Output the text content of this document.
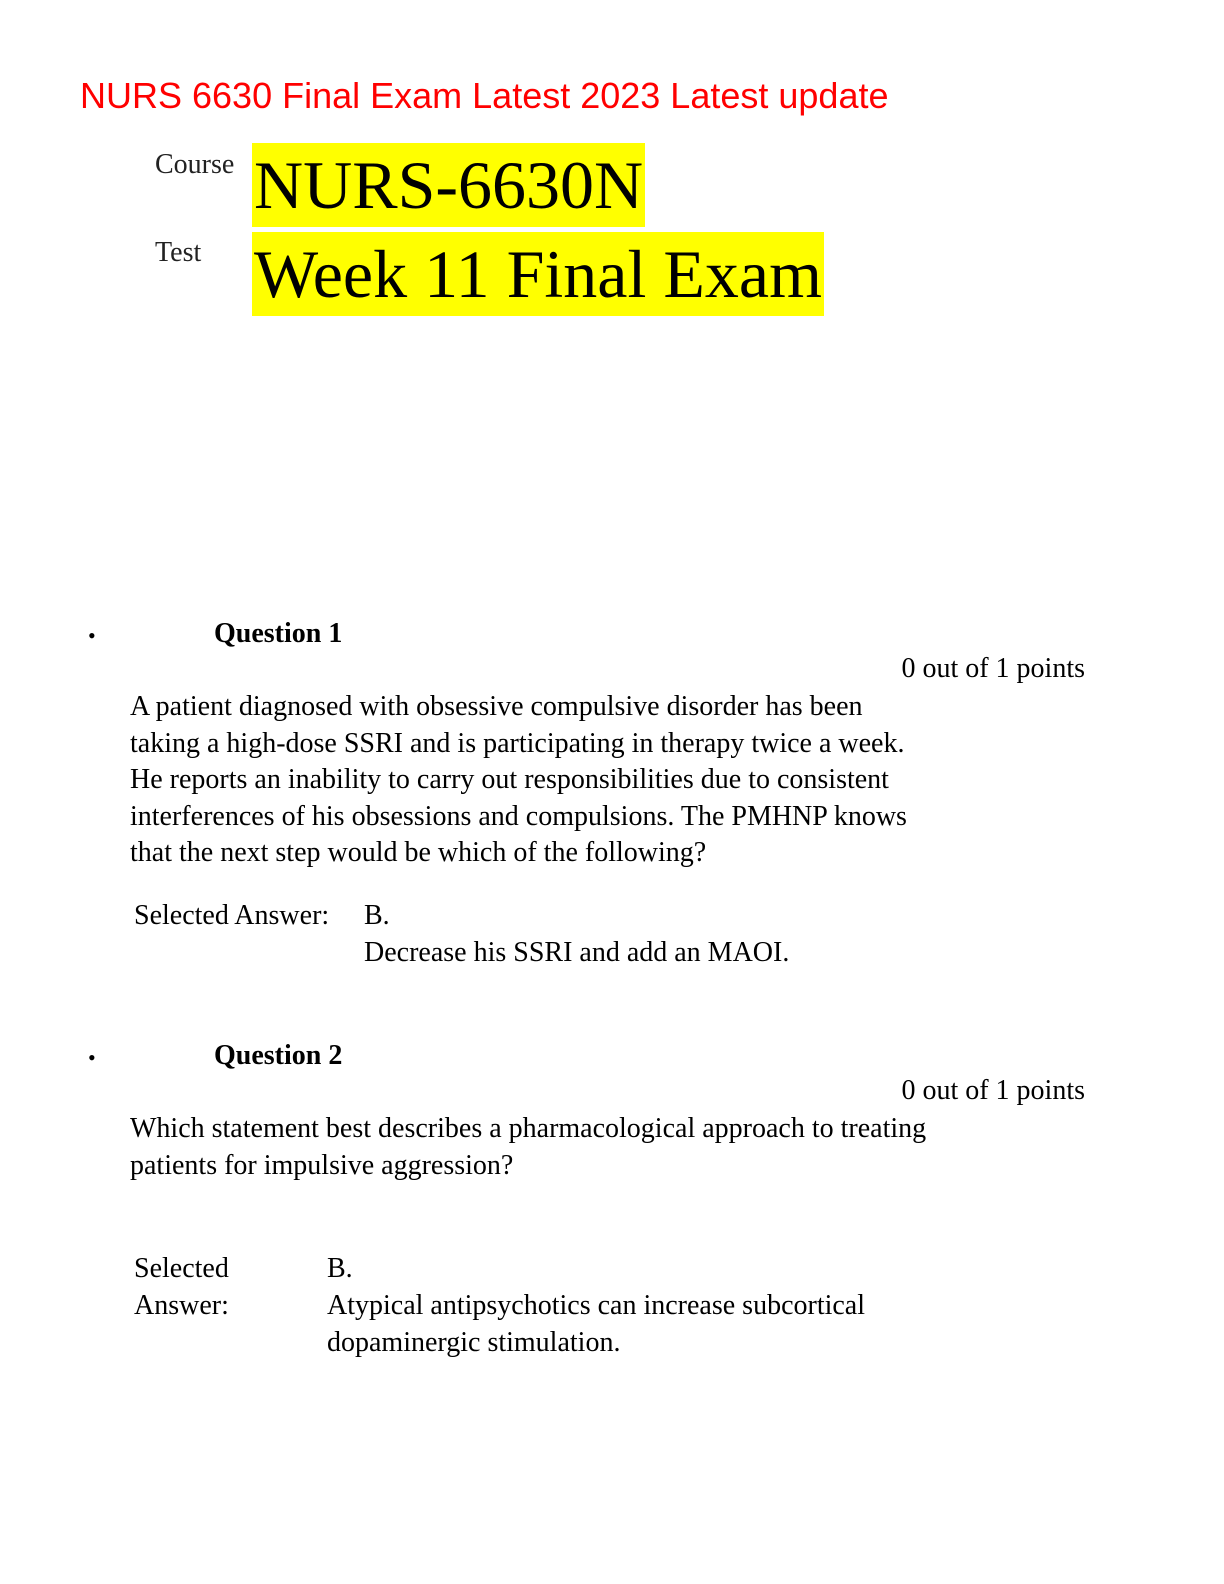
NURS 6630 Final Exam Latest 2023 Latest update
Course NURS-6630N
Test Week 11 Final Exam
•	Question 1
0 out of 1 points
A patient diagnosed with obsessive compulsive disorder has been
taking a high-dose SSRI and is participating in therapy twice a week.
He reports an inability to carry out responsibilities due to consistent
interferences of his obsessions and compulsions. The PMHNP knows
that the next step would be which of the following?
Selected Answer: B.
Decrease his SSRI and add an MAOI.
•	Question 2
0 out of 1 points
Which statement best describes a pharmacological approach to treating
patients for impulsive aggression?
Selected
Answer:
B.
Atypical antipsychotics can increase subcortical
dopaminergic stimulation.
